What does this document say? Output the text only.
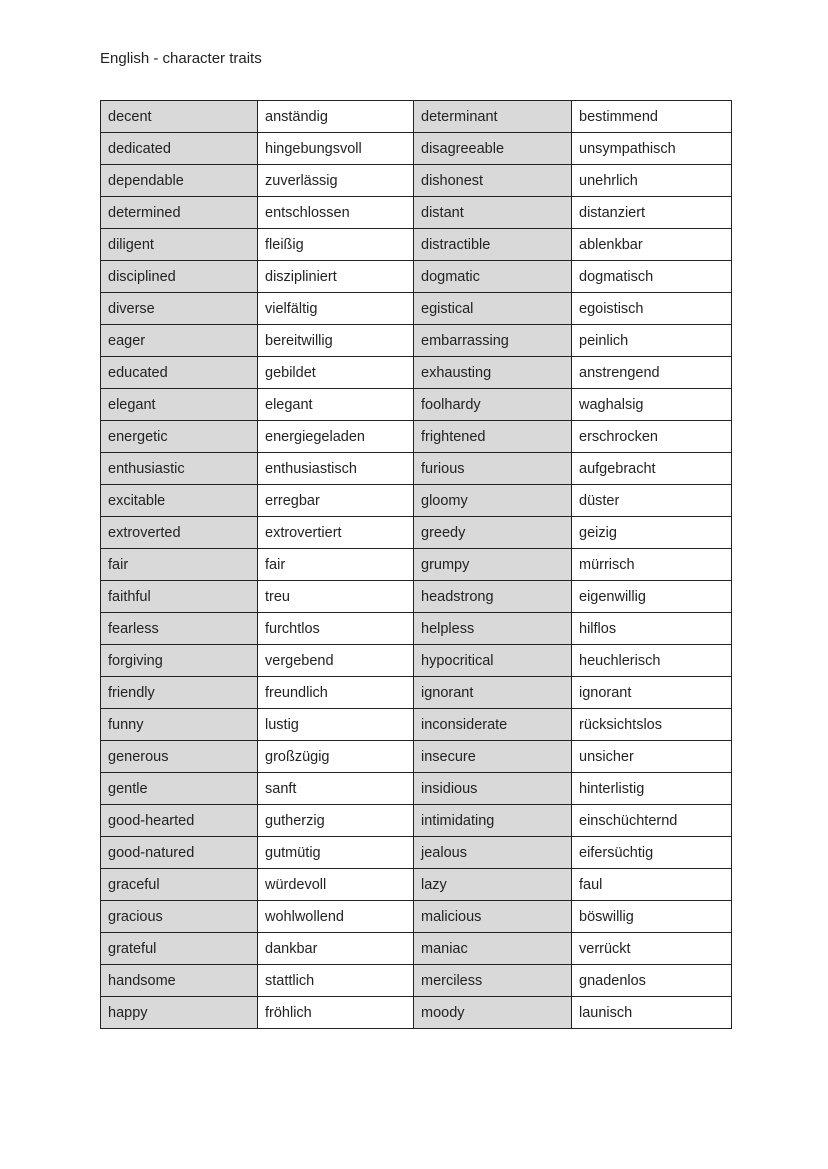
English - character traits
decent	anständig	determinant	bestimmend
dedicated	hingebungsvoll	disagreeable	unsympathisch
dependable	zuverlässig	dishonest	unehrlich
determined	entschlossen	distant	distanziert
diligent	fleißig	distractible	ablenkbar
disciplined	diszipliniert	dogmatic	dogmatisch
diverse	vielfältig	egistical	egoistisch
eager	bereitwillig	embarrassing	peinlich
educated	gebildet	exhausting	anstrengend
elegant	elegant	foolhardy	waghalsig
energetic	energiegeladen	frightened	erschrocken
enthusiastic	enthusiastisch	furious	aufgebracht
excitable	erregbar	gloomy	düster
extroverted	extrovertiert	greedy	geizig
fair	fair	grumpy	mürrisch
faithful	treu	headstrong	eigenwillig
fearless	furchtlos	helpless	hilflos
forgiving	vergebend	hypocritical	heuchlerisch
friendly	freundlich	ignorant	ignorant
funny	lustig	inconsiderate	rücksichtslos
generous	großzügig	insecure	unsicher
gentle	sanft	insidious	hinterlistig
good-hearted	gutherzig	intimidating	einschüchternd
good-natured	gutmütig	jealous	eifersüchtig
graceful	würdevoll	lazy	faul
gracious	wohlwollend	malicious	böswillig
grateful	dankbar	maniac	verrückt
handsome	stattlich	merciless	gnadenlos
happy	fröhlich	moody	launisch
